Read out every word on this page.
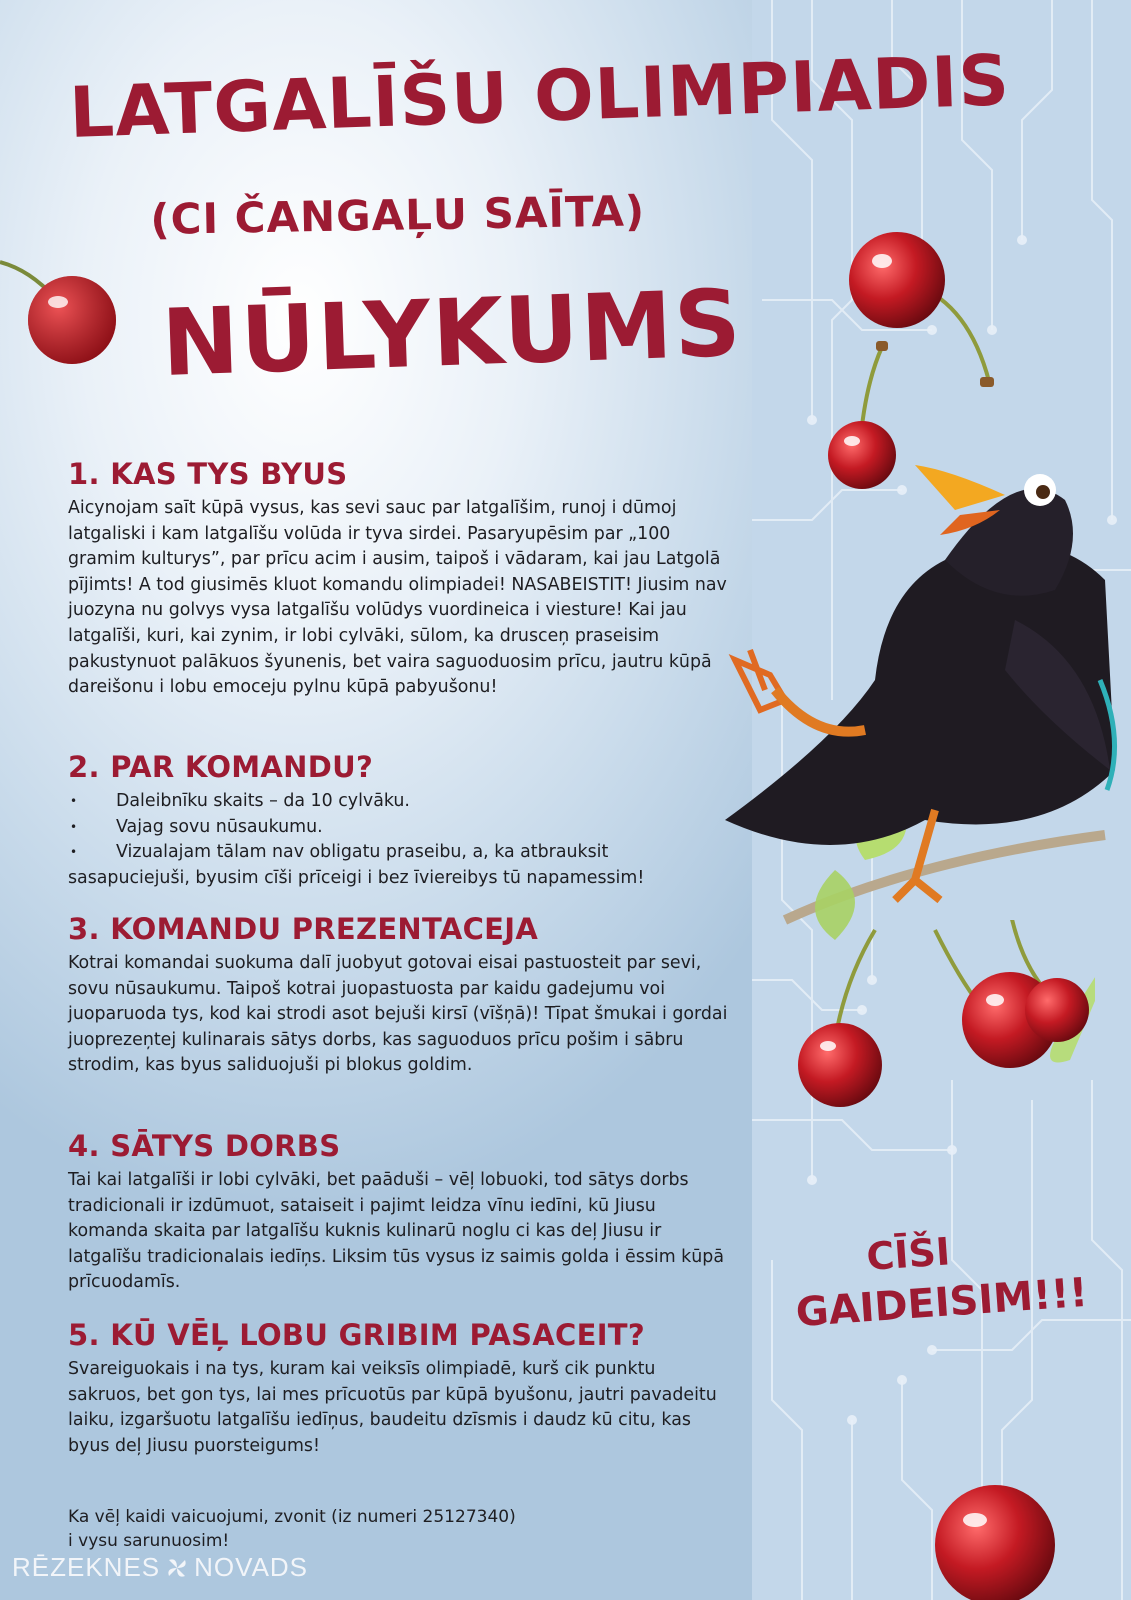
LATGALĪŠU OLIMPIADIS
(CI ČANGAĻU SAĪTA)
NŪLYKUMS
1. KAS TYS BYUS

Aicynojam saīt kūpā vysus, kas sevi sauc par latgalīšim, runoj i dūmoj latgaliski i kam latgalīšu volūda ir tyva sirdei. Pasaryupēsim par „100 gramim kulturys”, par prīcu acim i ausim, taipoš i vādaram, kai jau Latgolā pījimts! A tod giusimēs kluot komandu olimpiadei! NASABEISTIT! Jiusim nav juozyna nu golvys vysa latgalīšu volūdys vuordineica i viesture! Kai jau latgalīši, kuri, kai zynim, ir lobi cylvāki, sūlom, ka drusceņ praseisim pakustynuot palākuos šyunenis, bet vaira saguoduosim prīcu, jautru kūpā dareišonu i lobu emoceju pylnu kūpā pabyušonu!

2. PAR KOMANDU?
• Daleibnīku skaits – da 10 cylvāku.
• Vajag sovu nūsaukumu.
• Vizualajam tālam nav obligatu praseibu, a, ka atbrauksit sasapuciejuši, byusim cīši prīceigi i bez īviereibys tū napamessim!
3. KOMANDU PREZENTACEJA

Kotrai komandai suokuma dalī juobyut gotovai eisai pastuosteit par sevi, sovu nūsaukumu. Taipoš kotrai juopastuosta par kaidu gadejumu voi juoparuoda tys, kod kai strodi asot bejuši kirsī (vīšņā)! Tīpat šmukai i gordai juoprezeņtej kulinarais sātys dorbs, kas saguoduos prīcu pošim i sābru strodim, kas byus saliduojuši pi blokus goldim.

4. SĀTYS DORBS

Tai kai latgalīši ir lobi cylvāki, bet paāduši – vēļ lobuoki, tod sātys dorbs tradicionali ir izdūmuot, sataiseit i pajimt leidza vīnu iedīni, kū Jiusu komanda skaita par latgalīšu kuknis kulinarū noglu ci kas deļ Jiusu ir latgalīšu tradicionalais iedīņs. Liksim tūs vysus iz saimis golda i ēssim kūpā prīcuodamīs.

5. KŪ VĒĻ LOBU GRIBIM PASACEIT?

Svareiguokais i na tys, kuram kai veiksīs olimpiadē, kurš cik punktu sakruos, bet gon tys, lai mes prīcuotūs par kūpā byušonu, jautri pavadeitu laiku, izgaršuotu latgalīšu iedīņus, baudeitu dzīsmis i daudz kū citu, kas byus deļ Jiusu puorsteigums!

Ka vēļ kaidi vaicuojumi, zvonit (iz numeri 25127340)
i vysu sarunuosim!

CĪŠI
GAIDEISIM!!!
RĒZEKNES NOVADS
